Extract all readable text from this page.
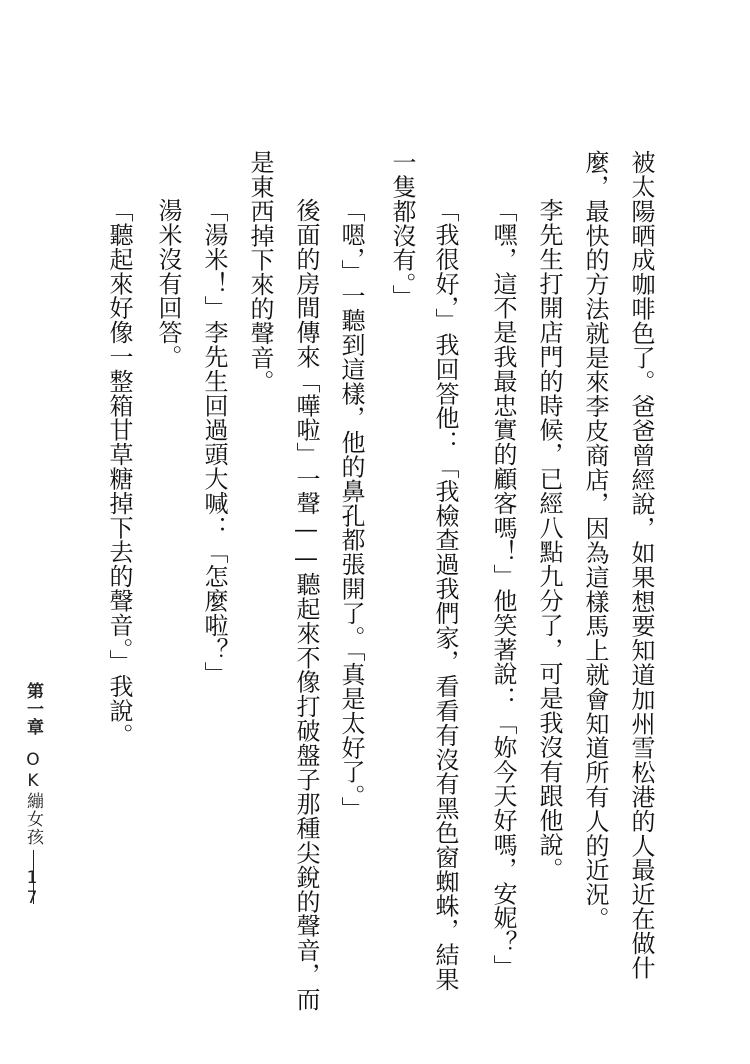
被太陽晒成咖啡色了。爸爸曾經說，如果想要知道加州雪松港的人最近在做什
麼，最快的方法就是來李皮商店，因為這樣馬上就會知道所有人的近況。
李先生打開店門的時候，已經八點九分了，可是我沒有跟他說。
「嘿，這不是我最忠實的顧客嗎！」他笑著說：「妳今天好嗎，安妮？」
「我很好，」我回答他：「我檢查過我們家，看看有沒有黑色窗蜘蛛，結果
一隻都沒有。」
「嗯，」一聽到這樣，他的鼻孔都張開了。「真是太好了。」
後面的房間傳來「嘩啦」一聲——聽起來不像打破盤子那種尖銳的聲音，而
是東西掉下來的聲音。
「湯米！」李先生回過頭大喊：「怎麼啦？」
湯米沒有回答。
「聽起來好像一整箱甘草糖掉下去的聲音。」我說。
第一章OK繃女孩
17
